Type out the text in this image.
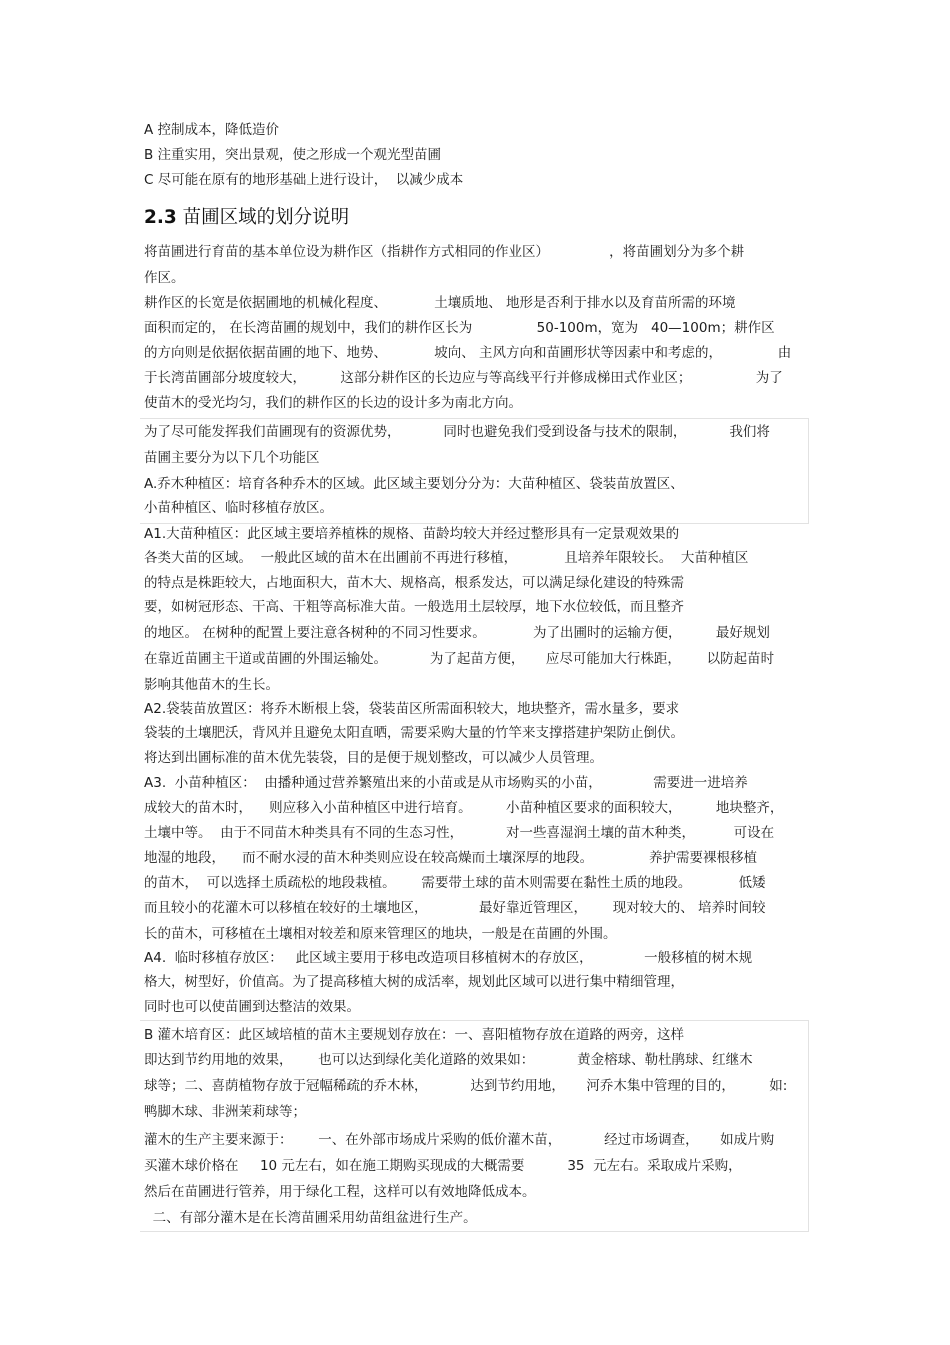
A 控制成本，降低造价
B 注重实用，突出景观，使之形成一个观光型苗圃
C 尽可能在原有的地形基础上进行设计，  以减少成本
2.3 苗圃区域的划分说明
将苗圃进行育苗的基本单位设为耕作区（指耕作方式相同的作业区）              ，将苗圃划分为多个耕
作区。
耕作区的长宽是依据圃地的机械化程度、           土壤质地、 地形是否利于排水以及育苗所需的环境
面积而定的， 在长湾苗圃的规划中，我们的耕作区长为               50-100m，宽为   40—100m；耕作区
的方向则是依据依据苗圃的地下、地势、           坡向、 主风方向和苗圃形状等因素中和考虑的，             由
于长湾苗圃部分坡度较大，        这部分耕作区的长边应与等高线平行并修成梯田式作业区；               为了
使苗木的受光均匀，我们的耕作区的长边的设计多为南北方向。
为了尽可能发挥我们苗圃现有的资源优势，          同时也避免我们受到设备与技术的限制，          我们将
苗圃主要分为以下几个功能区
A.乔木种植区：培育各种乔木的区域。此区域主要划分分为：大苗种植区、袋装苗放置区、
小苗种植区、临时移植存放区。
A1.大苗种植区：此区域主要培养植株的规格、苗龄均较大并经过整形具有一定景观效果的
各类大苗的区域。  一般此区域的苗木在出圃前不再进行移植，           且培养年限较长。  大苗种植区
的特点是株距较大，占地面积大，苗木大、规格高，根系发达，可以满足绿化建设的特殊需
要，如树冠形态、干高、干粗等高标准大苗。一般选用土层较厚，地下水位较低，而且整齐
的地区。 在树种的配置上要注意各树种的不同习性要求。           为了出圃时的运输方便，        最好规划
在靠近苗圃主干道或苗圃的外围运输处。          为了起苗方便，     应尽可能加大行株距，      以防起苗时
影响其他苗木的生长。
A2.袋装苗放置区：将乔木断根上袋，袋装苗区所需面积较大，地块整齐，需水量多，要求
袋装的土壤肥沃，背风并且避免太阳直晒，需要采购大量的竹竿来支撑搭建护架防止倒伏。
将达到出圃标准的苗木优先装袋，目的是便于规划整改，可以减少人员管理。
A3.  小苗种植区：  由播种通过营养繁殖出来的小苗或是从市场购买的小苗，            需要进一进培养
成较大的苗木时，    则应移入小苗种植区中进行培育。        小苗种植区要求的面积较大，        地块整齐，
土壤中等。  由于不同苗木种类具有不同的生态习性，          对一些喜湿润土壤的苗木种类，         可设在
地湿的地段，    而不耐水浸的苗木种类则应设在较高燥而土壤深厚的地段。             养护需要裸根移植
的苗木，  可以选择土质疏松的地段栽植。      需要带土球的苗木则需要在黏性土质的地段。           低矮
而且较小的花灌木可以移植在较好的土壤地区，            最好靠近管理区，      现对较大的、 培养时间较
长的苗木，可移植在土壤相对较差和原来管理区的地块，一般是在苗圃的外围。
A4.  临时移植存放区：   此区域主要用于移电改造项目移植树木的存放区，            一般移植的树木规
格大，树型好，价值高。为了提高移植大树的成活率，规划此区域可以进行集中精细管理，
同时也可以使苗圃到达整洁的效果。
B 灌木培育区：此区域培植的苗木主要规划存放在：一、喜阳植物存放在道路的两旁，这样
即达到节约用地的效果，      也可以达到绿化美化道路的效果如：          黄金榕球、勒杜鹃球、红继木
球等；二、喜荫植物存放于冠幅稀疏的乔木林，          达到节约用地，     河乔木集中管理的目的，        如:
鸭脚木球、非洲茉莉球等；
灌木的生产主要来源于：      一、在外部市场成片采购的低价灌木苗，          经过市场调查，     如成片购
买灌木球价格在     10 元左右，如在施工期购买现成的大概需要          35  元左右。采取成片采购，
然后在苗圃进行管养，用于绿化工程，这样可以有效地降低成本。
二、有部分灌木是在长湾苗圃采用幼苗组盆进行生产。
